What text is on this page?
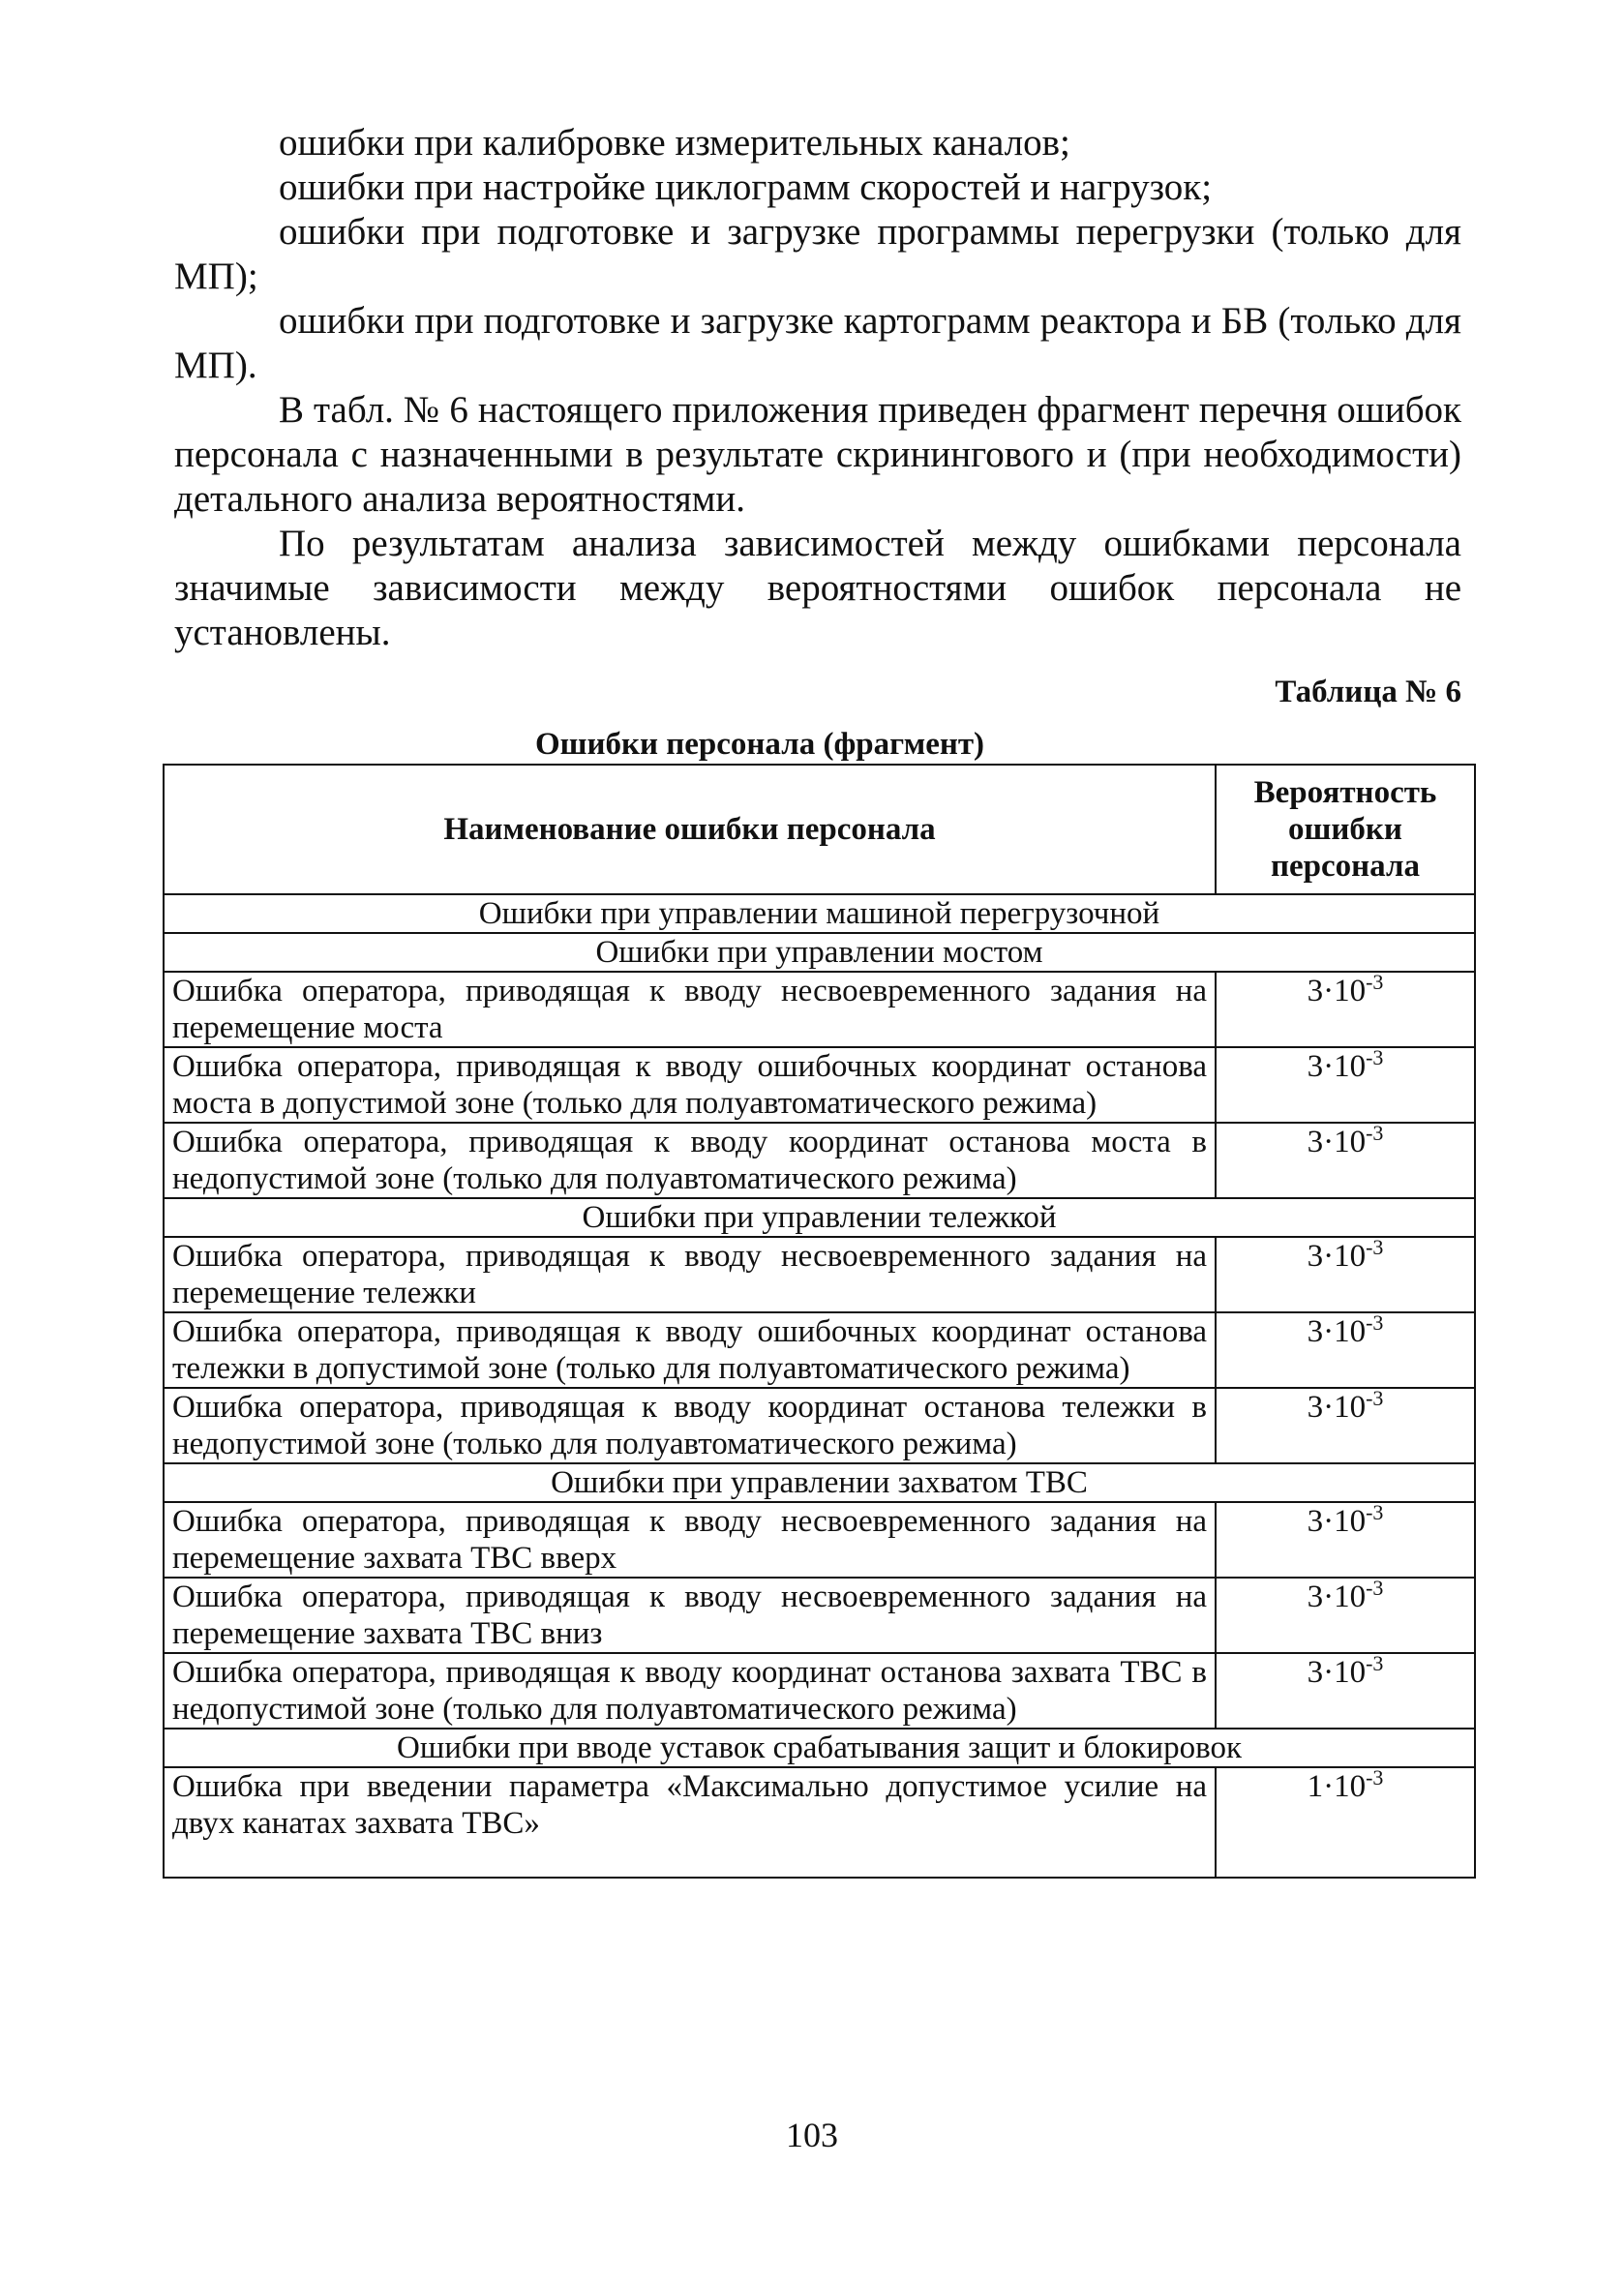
ошибки при калибровке измерительных каналов;

ошибки при настройке циклограмм скоростей и нагрузок;

ошибки при подготовке и загрузке программы перегрузки (только для МП);

ошибки при подготовке и загрузке картограмм реактора и БВ (только для МП).

В табл. № 6 настоящего приложения приведен фрагмент перечня ошибок персонала с назначенными в результате скринингового и (при необходимости) детального анализа вероятностями.

По результатам анализа зависимостей между ошибками персонала значимые зависимости между вероятностями ошибок персонала не установлены.

Таблица № 6
Ошибки персонала (фрагмент)
Наименование ошибки персонала	Вероятность ошибки персонала
Ошибки при управлении машиной перегрузочной	
Ошибки при управлении мостом	
Ошибка оператора, приводящая к вводу несвоевременного задания на перемещение моста	$3\cdot 10^{-3}$
Ошибка оператора, приводящая к вводу ошибочных координат останова моста в допустимой зоне (только для полуавтоматического режима)	$3\cdot 10^{-3}$
Ошибка оператора, приводящая к вводу координат останова моста в недопустимой зоне (только для полуавтоматического режима)	$3\cdot 10^{-3}$
Ошибки при управлении тележкой	
Ошибка оператора, приводящая к вводу несвоевременного задания на перемещение тележки	$3\cdot 10^{-3}$
Ошибка оператора, приводящая к вводу ошибочных координат останова тележки в допустимой зоне (только для полуавтоматического режима)	$3\cdot 10^{-3}$
Ошибка оператора, приводящая к вводу координат останова тележки в недопустимой зоне (только для полуавтоматического режима)	$3\cdot 10^{-3}$
Ошибки при управлении захватом ТВС	
Ошибка оператора, приводящая к вводу несвоевременного задания на перемещение захвата ТВС вверх	$3\cdot 10^{-3}$
Ошибка оператора, приводящая к вводу несвоевременного задания на перемещение захвата ТВС вниз	$3\cdot 10^{-3}$
Ошибка оператора, приводящая к вводу координат останова захвата ТВС в недопустимой зоне (только для полуавтоматического режима)	$3\cdot 10^{-3}$
Ошибки при вводе уставок срабатывания защит и блокировок	
Ошибка при введении параметра «Максимально допустимое усилие на двух канатах захвата ТВС»	$1\cdot 10^{-3}$
103
